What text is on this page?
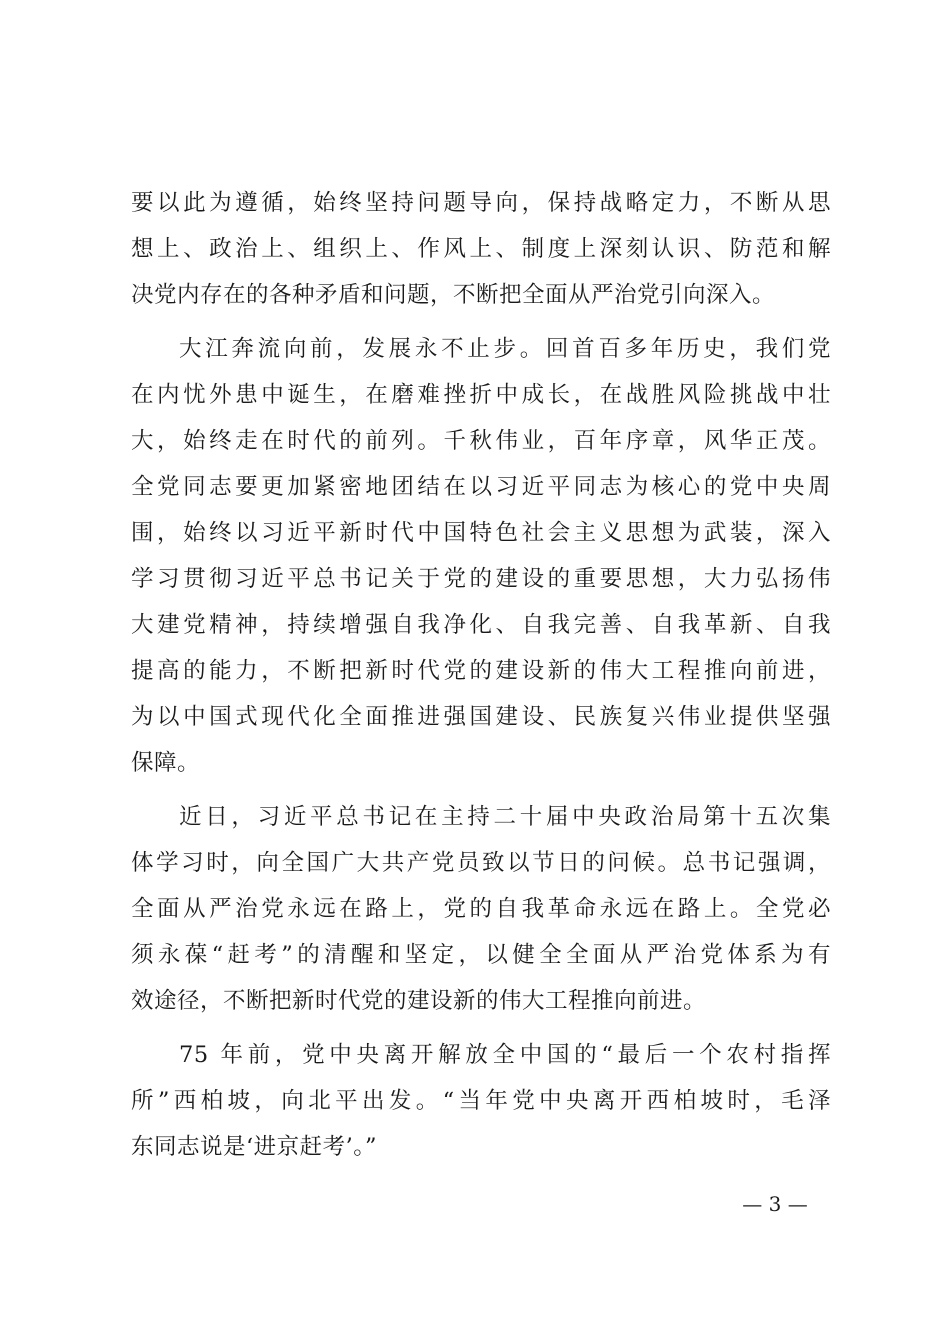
要以此为遵循，始终坚持问题导向，保持战略定力，不断从思
想上、政治上、组织上、作风上、制度上深刻认识、防范和解
决党内存在的各种矛盾和问题，不断把全面从严治党引向深入。
大江奔流向前，发展永不止步。回首百多年历史，我们党
在内忧外患中诞生，在磨难挫折中成长，在战胜风险挑战中壮
大，始终走在时代的前列。千秋伟业，百年序章，风华正茂。
全党同志要更加紧密地团结在以习近平同志为核心的党中央周
围，始终以习近平新时代中国特色社会主义思想为武装，深入
学习贯彻习近平总书记关于党的建设的重要思想，大力弘扬伟
大建党精神，持续增强自我净化、自我完善、自我革新、自我
提高的能力，不断把新时代党的建设新的伟大工程推向前进，
为以中国式现代化全面推进强国建设、民族复兴伟业提供坚强
保障。
近日，习近平总书记在主持二十届中央政治局第十五次集
体学习时，向全国广大共产党员致以节日的问候。总书记强调，
全面从严治党永远在路上，党的自我革命永远在路上。全党必
须永葆“赶考”的清醒和坚定，以健全全面从严治党体系为有
效途径，不断把新时代党的建设新的伟大工程推向前进。
75 年前，党中央离开解放全中国的“最后一个农村指挥
所”西柏坡，向北平出发。“当年党中央离开西柏坡时，毛泽
东同志说是‘进京赶考’。”
— 3 —
